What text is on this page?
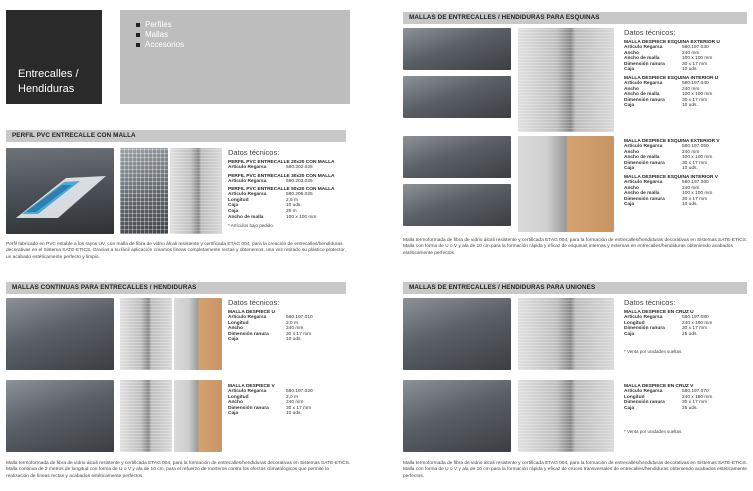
Entrecalles /
Hendiduras
Perfiles
Mallas
Accesorios
PERFIL PVC ENTRECALLE CON MALLA
Datos técnicos:
PERFIL PVC ENTRECALLE 20x20 CON MALLA
Artículo Regarsa	580.202.025
PERFIL PVC ENTRECALLE 30x20 CON MALLA
Artículo Regarsa	580.203.025
PERFIL PVC ENTRECALLE 50x20 CON MALLA
Artículo Regarsa	580.205.025
Longitud	2,5 m
Caja	10 uds.
Caja	25 m
Ancho de malla	100 x 100 mm
* Artículos bajo pedido.
Perfil fabricado en PVC estable a los rayos UV, con malla de fibra de vidrio álcali resistente y certificada ETAG 004, para la creación de entrecalles/hendiduras decorativas en el Sistema SATE-ETICS. Gracias a su fácil aplicación creamos líneas completamente rectas y obtenemos, una vez retirado su plástico protector, un acabado estéticamente perfecto y limpio.
MALLAS CONTINUAS PARA ENTRECALLES / HENDIDURAS
Datos técnicos:
MALLA DESPIECE U
Artículo Regarsa	580.197.010
Longitud	2,0 m
Ancho	240 mm
Dimensión ranura	30 x 17 mm
Caja	10 uds.
MALLA DESPIECE V
Artículo Regarsa	580.197.020
Longitud	2,0 m
Ancho	240 mm
Dimensión ranura	30 x 17 mm
Caja	10 uds.
Malla termoformada de fibra de vidrio álcali resistente y certificada ETAG 004, para la formación de entrecalles/hendiduras decorativas en Sistemas SATE-ETICS. Malla continua de 2 metros de longitud con forma de U o V y ala de 10 cm, para el refuerzo de morteros contra los efectos climatológicos que permite la realización de líneas rectas y acabados estéticamente perfectos.
MALLAS DE ENTRECALLES / HENDIDURAS PARA ESQUINAS
Datos técnicos:
MALLA DESPIECE ESQUINA EXTERIOR U
Artículo Regarsa	580.197.030
Ancho	240 mm
Ancho de malla	100 x 100 mm
Dimensión ranura	30 x 17 mm
Caja	10 uds.
MALLA DESPIECE ESQUINA INTERIOR U
Artículo Regarsa	580.197.040
Ancho	240 mm
Ancho de malla	100 x 100 mm
Dimensión ranura	30 x 17 mm
Caja	10 uds.
MALLA DESPIECE ESQUINA EXTERIOR V
Artículo Regarsa	580.197.050
Ancho	240 mm
Ancho de malla	100 x 100 mm
Dimensión ranura	30 x 17 mm
Caja	10 uds.
MALLA DESPIECE ESQUINA INTERIOR V
Artículo Regarsa	580.197.060
Ancho	240 mm
Ancho de malla	100 x 100 mm
Dimensión ranura	30 x 17 mm
Caja	10 uds.
Malla termoformada de fibra de vidrio álcali resistente y certificada ETAG 004, para la formación de entrecalles/hendiduras decorativas en Sistemas SATE-ETICS. Malla con forma de U o V y ala de 10 cm para la formación rápida y eficaz de esquinas internas y externas en entrecalles/hendiduras obteniendo acabados estéticamente perfectos.
MALLAS DE ENTRECALLES / HENDIDURAS PARA UNIONES
Datos técnicos:
MALLA DESPIECE EN CRUZ U
Artículo Regarsa	580.197.080
Longitud	240 x 190 mm
Dimensión ranura	30 x 17 mm
Caja	25 uds.
* Venta por unidades sueltas.
MALLA DESPIECE EN CRUZ V
Artículo Regarsa	580.197.070
Longitud	240 x 190 mm
Dimensión ranura	30 x 17 mm
Caja	25 uds.
* Venta por unidades sueltas.
Malla termoformada de fibra de vidrio álcali resistente y certificada ETAG 004, para la formación de entrecalles/hendiduras decorativas en Sistemas SATE-ETICS. Malla con forma de U o V y ala de 10 cm para la formación rápida y eficaz de cruces transversales de entrecalles/hendiduras obteniendo acabados estéticamente perfectos.
